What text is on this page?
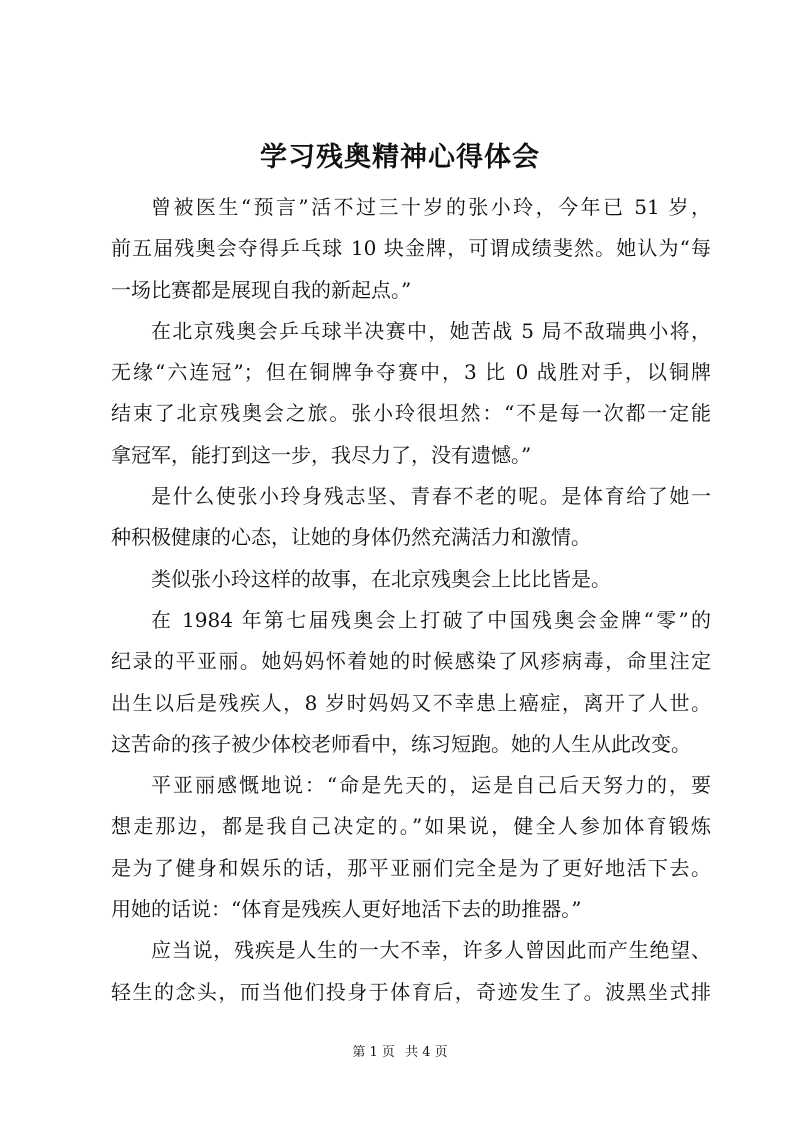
学习残奥精神心得体会
曾被医生“预言”活不过三十岁的张小玲，今年已 51 岁，
前五届残奥会夺得乒乓球 10 块金牌，可谓成绩斐然。她认为“每
一场比赛都是展现自我的新起点。”
在北京残奥会乒乓球半决赛中，她苦战 5 局不敌瑞典小将，
无缘“六连冠”；但在铜牌争夺赛中，3 比 0 战胜对手，以铜牌
结束了北京残奥会之旅。张小玲很坦然：“不是每一次都一定能
拿冠军，能打到这一步，我尽力了，没有遗憾。”
是什么使张小玲身残志坚、青春不老的呢。是体育给了她一
种积极健康的心态，让她的身体仍然充满活力和激情。
类似张小玲这样的故事，在北京残奥会上比比皆是。
在 1984 年第七届残奥会上打破了中国残奥会金牌“零”的
纪录的平亚丽。她妈妈怀着她的时候感染了风疹病毒，命里注定
出生以后是残疾人，8 岁时妈妈又不幸患上癌症，离开了人世。
这苦命的孩子被少体校老师看中，练习短跑。她的人生从此改变。
平亚丽感慨地说：“命是先天的，运是自己后天努力的，要
想走那边，都是我自己决定的。”如果说，健全人参加体育锻炼
是为了健身和娱乐的话，那平亚丽们完全是为了更好地活下去。
用她的话说：“体育是残疾人更好地活下去的助推器。”
应当说，残疾是人生的一大不幸，许多人曾因此而产生绝望、
轻生的念头，而当他们投身于体育后，奇迹发生了。波黑坐式排
第 1 页 共 4 页
